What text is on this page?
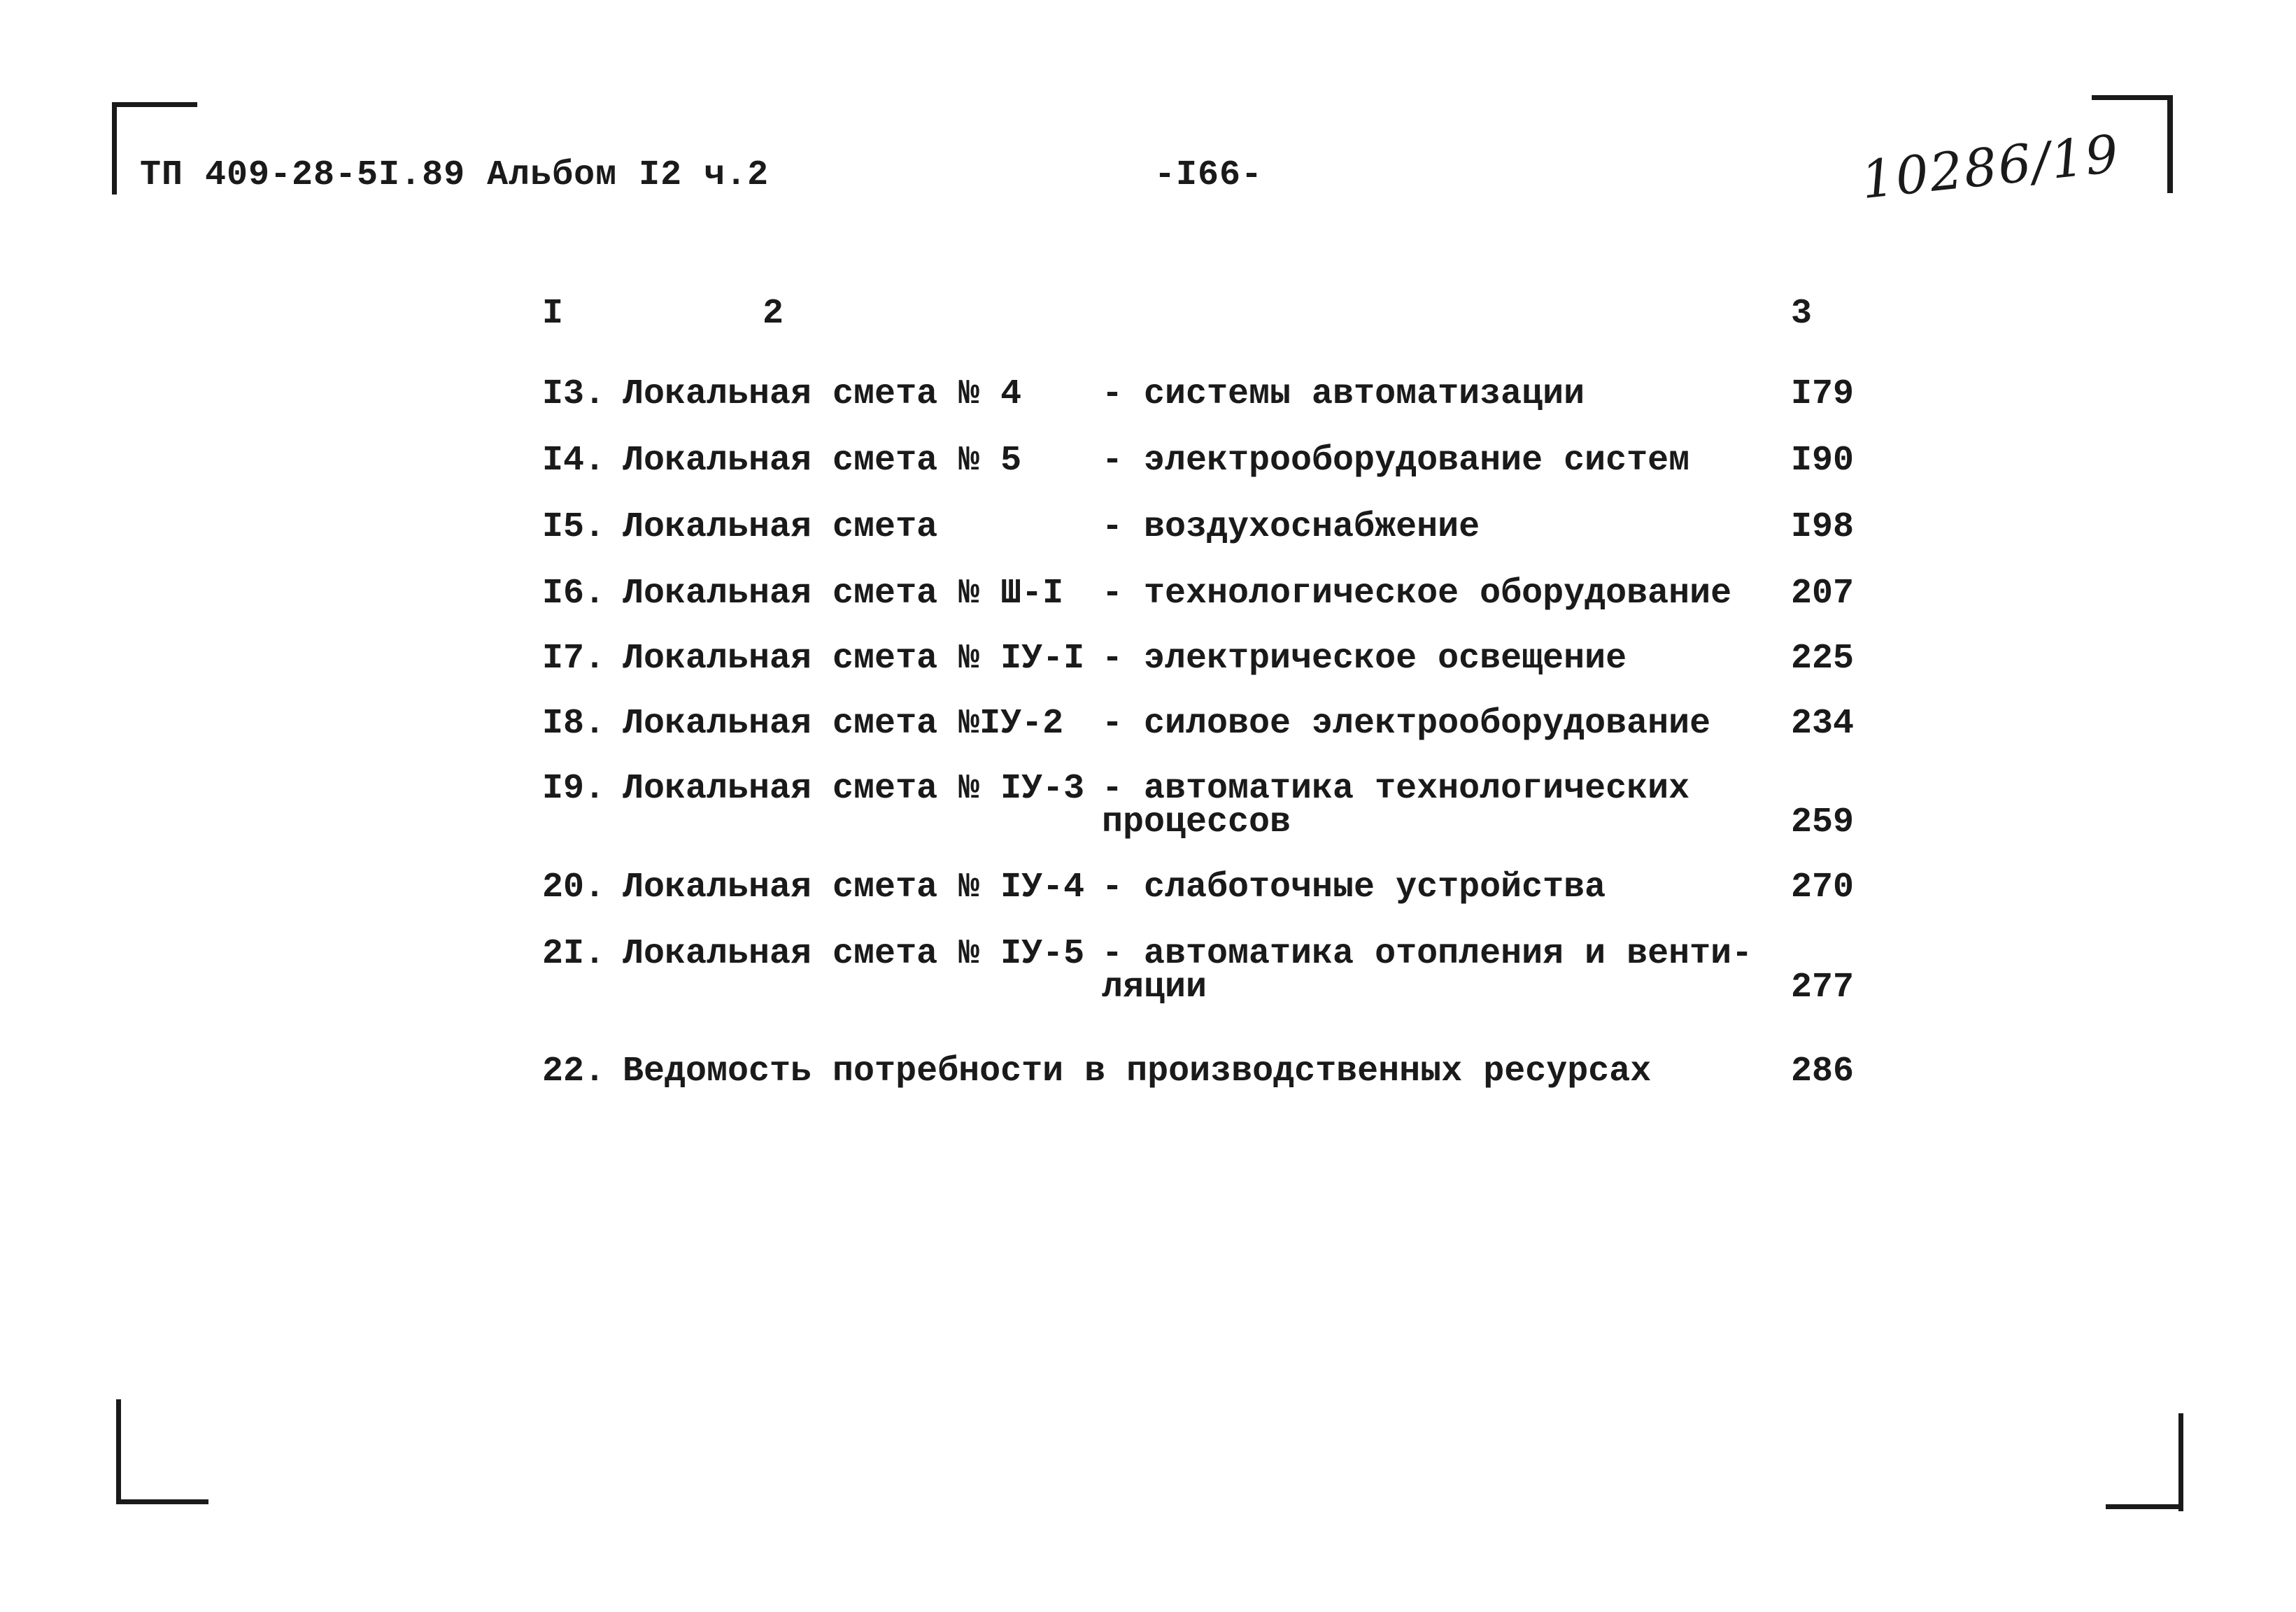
ТП 409-28-5I.89 Альбом I2 ч.2	-I66-	10286/19
I	2	3
I3. Локальная смета № 4 - системы автоматизации	I79
I4. Локальная смета № 5 - электрооборудование систем	I90
I5. Локальная смета	- воздухоснабжение	I98
I6. Локальная смета № Ш-I - технологическое оборудование 207
I7. Локальная смета № IУ-I - электрическое освещение	225
I8. Локальная смета №IУ-2 - силовое электрооборудование 234
I9. Локальная смета № IУ-3 - автоматика технологических
процессов	259
20. Локальная смета № IУ-4 - слаботочные устройства	270
2I. Локальная смета № IУ-5 - автоматика отопления и венти-
ляции	277
22. Ведомость потребности в производственных ресурсах	286
